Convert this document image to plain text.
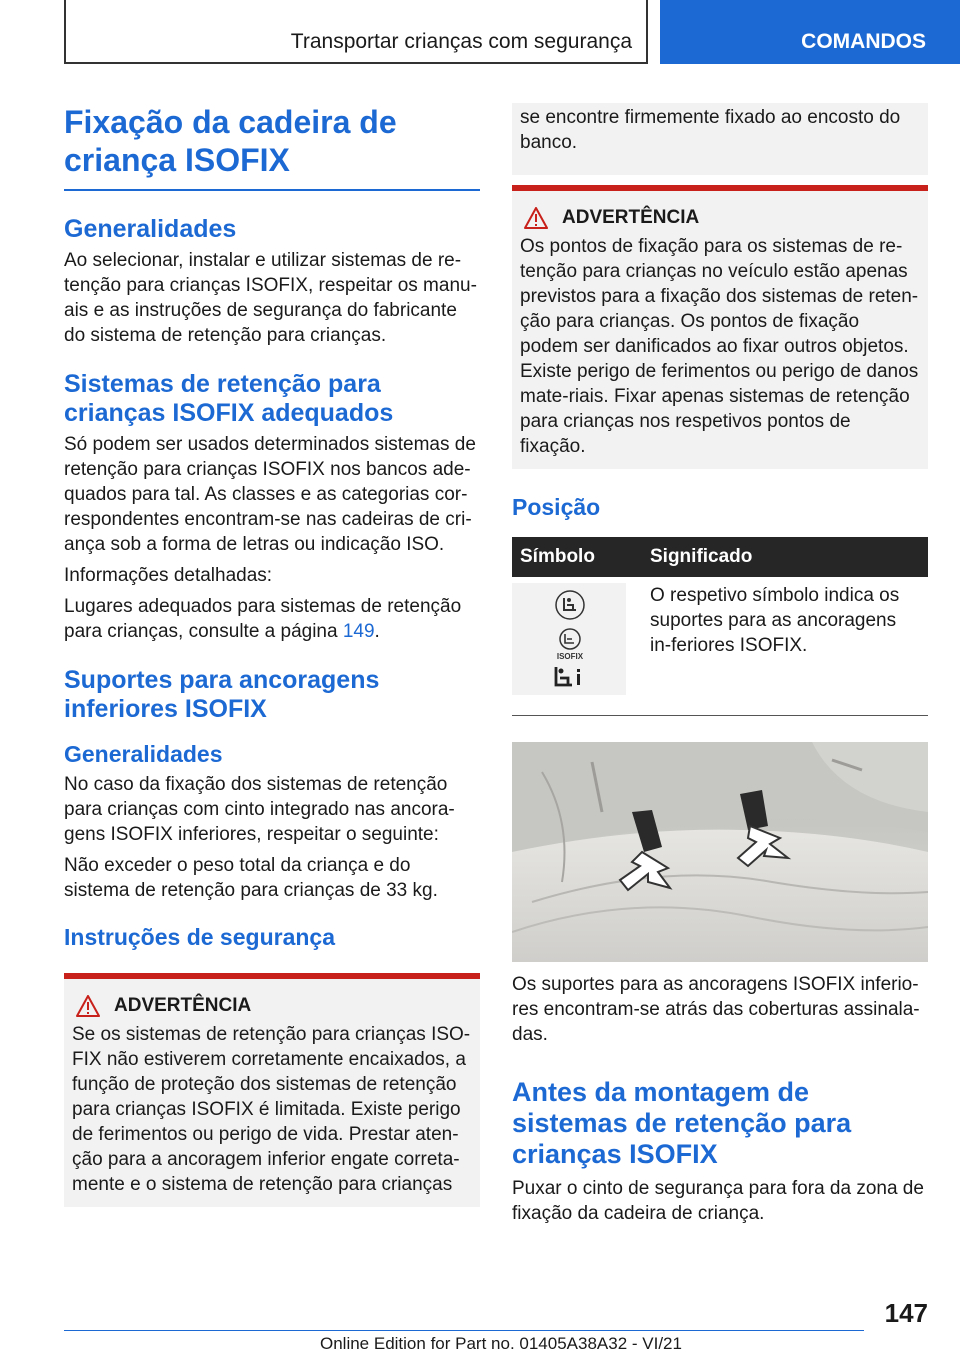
Transportar crianças com segurança	COMANDOS
Fixação da cadeira de criança ISOFIX
Generalidades

Ao selecionar, instalar e utilizar sistemas de re-tenção para crianças ISOFIX, respeitar os manu-ais e as instruções de segurança do fabricante do sistema de retenção para crianças.

Sistemas de retenção para crianças ISOFIX adequados

Só podem ser usados determinados sistemas de retenção para crianças ISOFIX nos bancos ade-quados para tal. As classes e as categorias cor-respondentes encontram-se nas cadeiras de cri-ança sob a forma de letras ou indicação ISO.

Informações detalhadas:

Lugares adequados para sistemas de retenção para crianças, consulte a página 149.

Suportes para ancoragens inferiores ISOFIX
Generalidades

No caso da fixação dos sistemas de retenção para crianças com cinto integrado nas ancora-gens ISOFIX inferiores, respeitar o seguinte:

Não exceder o peso total da criança e do sistema de retenção para crianças de 33 kg.

Instruções de segurança
ADVERTÊNCIA

Se os sistemas de retenção para crianças ISO-FIX não estiverem corretamente encaixados, a função de proteção dos sistemas de retenção para crianças ISOFIX é limitada. Existe perigo de ferimentos ou perigo de vida. Prestar aten-ção para a ancoragem inferior engate correta-mente e o sistema de retenção para crianças

se encontre firmemente fixado ao encosto do banco.

ADVERTÊNCIA

Os pontos de fixação para os sistemas de re-tenção para crianças no veículo estão apenas previstos para a fixação dos sistemas de reten-ção para crianças. Os pontos de fixação podem ser danificados ao fixar outros objetos. Existe perigo de ferimentos ou perigo de danos mate-riais. Fixar apenas sistemas de retenção para crianças nos respetivos pontos de fixação.

Posição
Símbolo	Significado

ISOFIX	O respetivo símbolo indica os suportes para as ancoragens in-feriores ISOFIX.

Os suportes para as ancoragens ISOFIX inferio-res encontram-se atrás das coberturas assinala-das.

Antes da montagem de sistemas de retenção para crianças ISOFIX

Puxar o cinto de segurança para fora da zona de fixação da cadeira de criança.

147
Online Edition for Part no. 01405A38A32 - VI/21
